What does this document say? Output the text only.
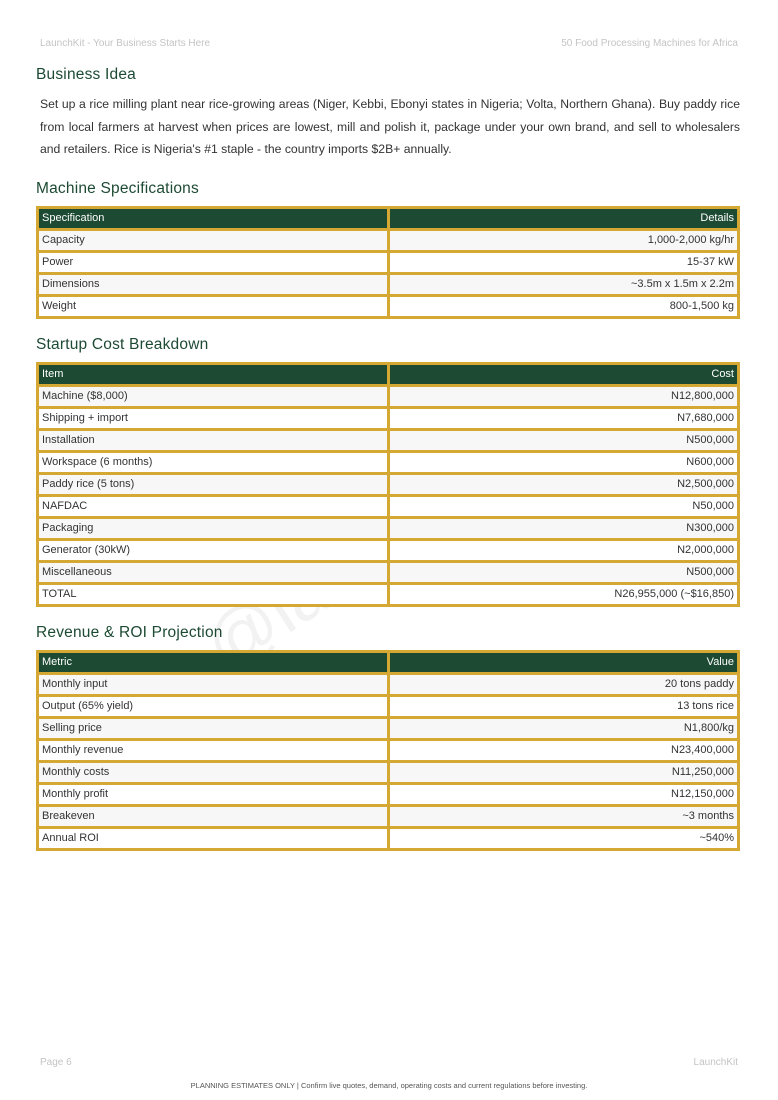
LaunchKit - Your Business Starts Here	50 Food Processing Machines for Africa
Business Idea

Set up a rice milling plant near rice-growing areas (Niger, Kebbi, Ebonyi states in Nigeria; Volta, Northern Ghana). Buy paddy rice from local farmers at harvest when prices are lowest, mill and polish it, package under your own brand, and sell to wholesalers and retailers. Rice is Nigeria's #1 staple - the country imports $2B+ annually.

Machine Specifications
Specification	Details
Capacity	1,000-2,000 kg/hr
Power	15-37 kW
Dimensions	~3.5m x 1.5m x 2.2m
Weight	800-1,500 kg
Startup Cost Breakdown
Item	Cost
Machine ($8,000)	N12,800,000
Shipping + import	N7,680,000
Installation	N500,000
Workspace (6 months)	N600,000
Paddy rice (5 tons)	N2,500,000
NAFDAC	N50,000
Packaging	N300,000
Generator (30kW)	N2,000,000
Miscellaneous	N500,000
TOTAL	N26,955,000 (~$16,850)
Revenue & ROI Projection
Metric	Value
Monthly input	20 tons paddy
Output (65% yield)	13 tons rice
Selling price	N1,800/kg
Monthly revenue	N23,400,000
Monthly costs	N11,250,000
Monthly profit	N12,150,000
Breakeven	~3 months
Annual ROI	~540%
Page 6	LaunchKit
PLANNING ESTIMATES ONLY | Confirm live quotes, demand, operating costs and current regulations before investing.
